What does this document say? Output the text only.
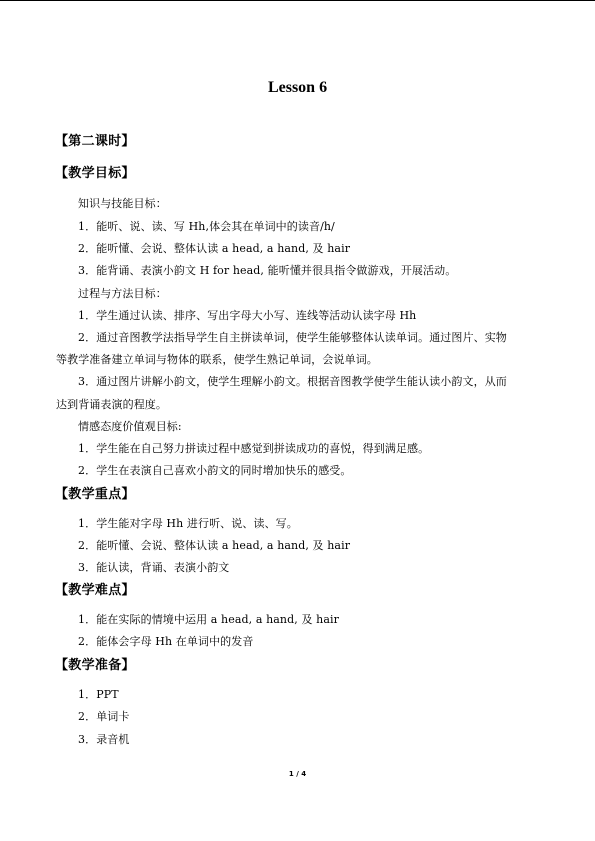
Lesson 6
【第二课时】
【教学目标】
知识与技能目标：
1．能听、说、读、写 Hh,体会其在单词中的读音/h/
2．能听懂、会说、整体认读 a head, a hand, 及 hair
3．能背诵、表演小韵文 H for head, 能听懂并很具指令做游戏，开展活动。
过程与方法目标：
1．学生通过认读、排序、写出字母大小写、连线等活动认读字母 Hh
2．通过音图教学法指导学生自主拼读单词，使学生能够整体认读单词。通过图片、实物
等教学准备建立单词与物体的联系，使学生熟记单词，会说单词。
3．通过图片讲解小韵文，使学生理解小韵文。根据音图教学使学生能认读小韵文，从而
达到背诵表演的程度。
情感态度价值观目标:
1．学生能在自己努力拼读过程中感觉到拼读成功的喜悦，得到满足感。
2．学生在表演自己喜欢小韵文的同时增加快乐的感受。
【教学重点】
1．学生能对字母 Hh 进行听、说、读、写。
2．能听懂、会说、整体认读 a head, a hand, 及 hair
3．能认读，背诵、表演小韵文
【教学难点】
1．能在实际的情境中运用 a head, a hand, 及 hair
2．能体会字母 Hh 在单词中的发音
【教学准备】
1．PPT
2．单词卡
3．录音机
1 / 4
